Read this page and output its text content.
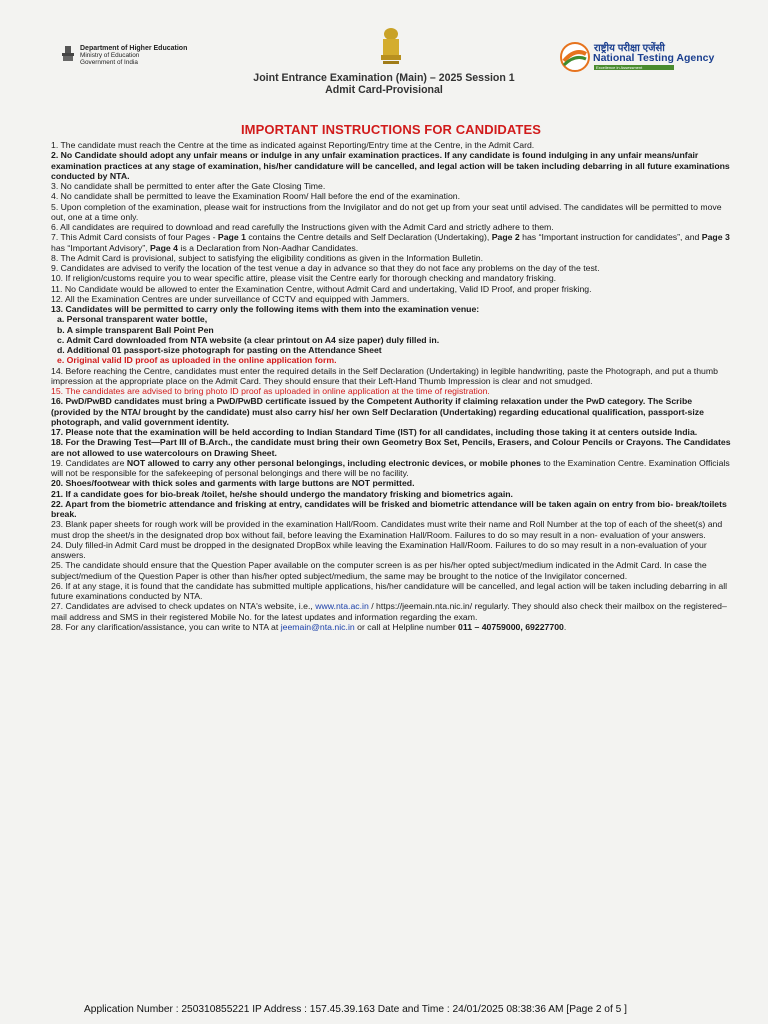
Department of Higher Education
Ministry of Education
Government of India
राष्ट्रीय परीक्षा एजेंसी
National Testing Agency
Excellence in Assessment
Joint Entrance Examination (Main) – 2025 Session 1
Admit Card-Provisional
IMPORTANT INSTRUCTIONS FOR CANDIDATES

1. The candidate must reach the Centre at the time as indicated against Reporting/Entry time at the Centre, in the Admit Card.

2. No Candidate should adopt any unfair means or indulge in any unfair examination practices. If any candidate is found indulging in any unfair means/unfair examination practices at any stage of examination, his/her candidature will be cancelled, and legal action will be taken including debarring in all future examinations conducted by NTA.

3. No candidate shall be permitted to enter after the Gate Closing Time.

4. No candidate shall be permitted to leave the Examination Room/ Hall before the end of the examination.

5. Upon completion of the examination, please wait for instructions from the Invigilator and do not get up from your seat until advised. The candidates will be permitted to move out, one at a time only.

6. All candidates are required to download and read carefully the Instructions given with the Admit Card and strictly adhere to them.

7. This Admit Card consists of four Pages - Page 1 contains the Centre details and Self Declaration (Undertaking), Page 2 has “Important instruction for candidates”, and Page 3 has “Important Advisory”, Page 4 is a Declaration from Non-Aadhar Candidates.

8. The Admit Card is provisional, subject to satisfying the eligibility conditions as given in the Information Bulletin.

9. Candidates are advised to verify the location of the test venue a day in advance so that they do not face any problems on the day of the test.

10. If religion/customs require you to wear specific attire, please visit the Centre early for thorough checking and mandatory frisking.

11. No Candidate would be allowed to enter the Examination Centre, without Admit Card and undertaking, Valid ID Proof, and proper frisking.

12. All the Examination Centres are under surveillance of CCTV and equipped with Jammers.

13. Candidates will be permitted to carry only the following items with them into the examination venue:

a. Personal transparent water bottle,

b. A simple transparent Ball Point Pen

c. Admit Card downloaded from NTA website (a clear printout on A4 size paper) duly filled in.

d. Additional 01 passport-size photograph for pasting on the Attendance Sheet

e. Original valid ID proof as uploaded in the online application form.

14. Before reaching the Centre, candidates must enter the required details in the Self Declaration (Undertaking) in legible handwriting, paste the Photograph, and put a thumb impression at the appropriate place on the Admit Card. They should ensure that their Left-Hand Thumb Impression is clear and not smudged.

15. The candidates are advised to bring photo ID proof as uploaded in online application at the time of registration.

16. PwD/PwBD candidates must bring a PwD/PwBD certificate issued by the Competent Authority if claiming relaxation under the PwD category. The Scribe (provided by the NTA/ brought by the candidate) must also carry his/ her own Self Declaration (Undertaking) regarding educational qualification, passport-size photograph, and valid government identity.

17. Please note that the examination will be held according to Indian Standard Time (IST) for all candidates, including those taking it at centers outside India.

18. For the Drawing Test—Part III of B.Arch., the candidate must bring their own Geometry Box Set, Pencils, Erasers, and Colour Pencils or Crayons. The Candidates are not allowed to use watercolours on Drawing Sheet.

19. Candidates are NOT allowed to carry any other personal belongings, including electronic devices, or mobile phones to the Examination Centre. Examination Officials will not be responsible for the safekeeping of personal belongings and there will be no facility.

20. Shoes/footwear with thick soles and garments with large buttons are NOT permitted.

21. If a candidate goes for bio-break /toilet, he/she should undergo the mandatory frisking and biometrics again.

22. Apart from the biometric attendance and frisking at entry, candidates will be frisked and biometric attendance will be taken again on entry from bio- break/toilets break.

23. Blank paper sheets for rough work will be provided in the examination Hall/Room. Candidates must write their name and Roll Number at the top of each of the sheet(s) and must drop the sheet/s in the designated drop box without fail, before leaving the Examination Hall/Room. Failures to do so may result in a non- evaluation of your answers.

24. Duly filled-in Admit Card must be dropped in the designated DropBox while leaving the Examination Hall/Room. Failures to do so may result in a non-evaluation of your answers.

25. The candidate should ensure that the Question Paper available on the computer screen is as per his/her opted subject/medium indicated in the Admit Card. In case the subject/medium of the Question Paper is other than his/her opted subject/medium, the same may be brought to the notice of the Invigilator concerned.

26. If at any stage, it is found that the candidate has submitted multiple applications, his/her candidature will be cancelled, and legal action will be taken including debarring in all future examinations conducted by NTA.

27. Candidates are advised to check updates on NTA's website, i.e., www.nta.ac.in / https://jeemain.nta.nic.in/ regularly. They should also check their mailbox on the registered–mail address and SMS in their registered Mobile No. for the latest updates and information regarding the exam.

28. For any clarification/assistance, you can write to NTA at jeemain@nta.nic.in or call at Helpline number 011 – 40759000, 69227700.

Application Number : 250310855221 IP Address : 157.45.39.163 Date and Time : 24/01/2025 08:38:36 AM [Page 2 of 5 ]
